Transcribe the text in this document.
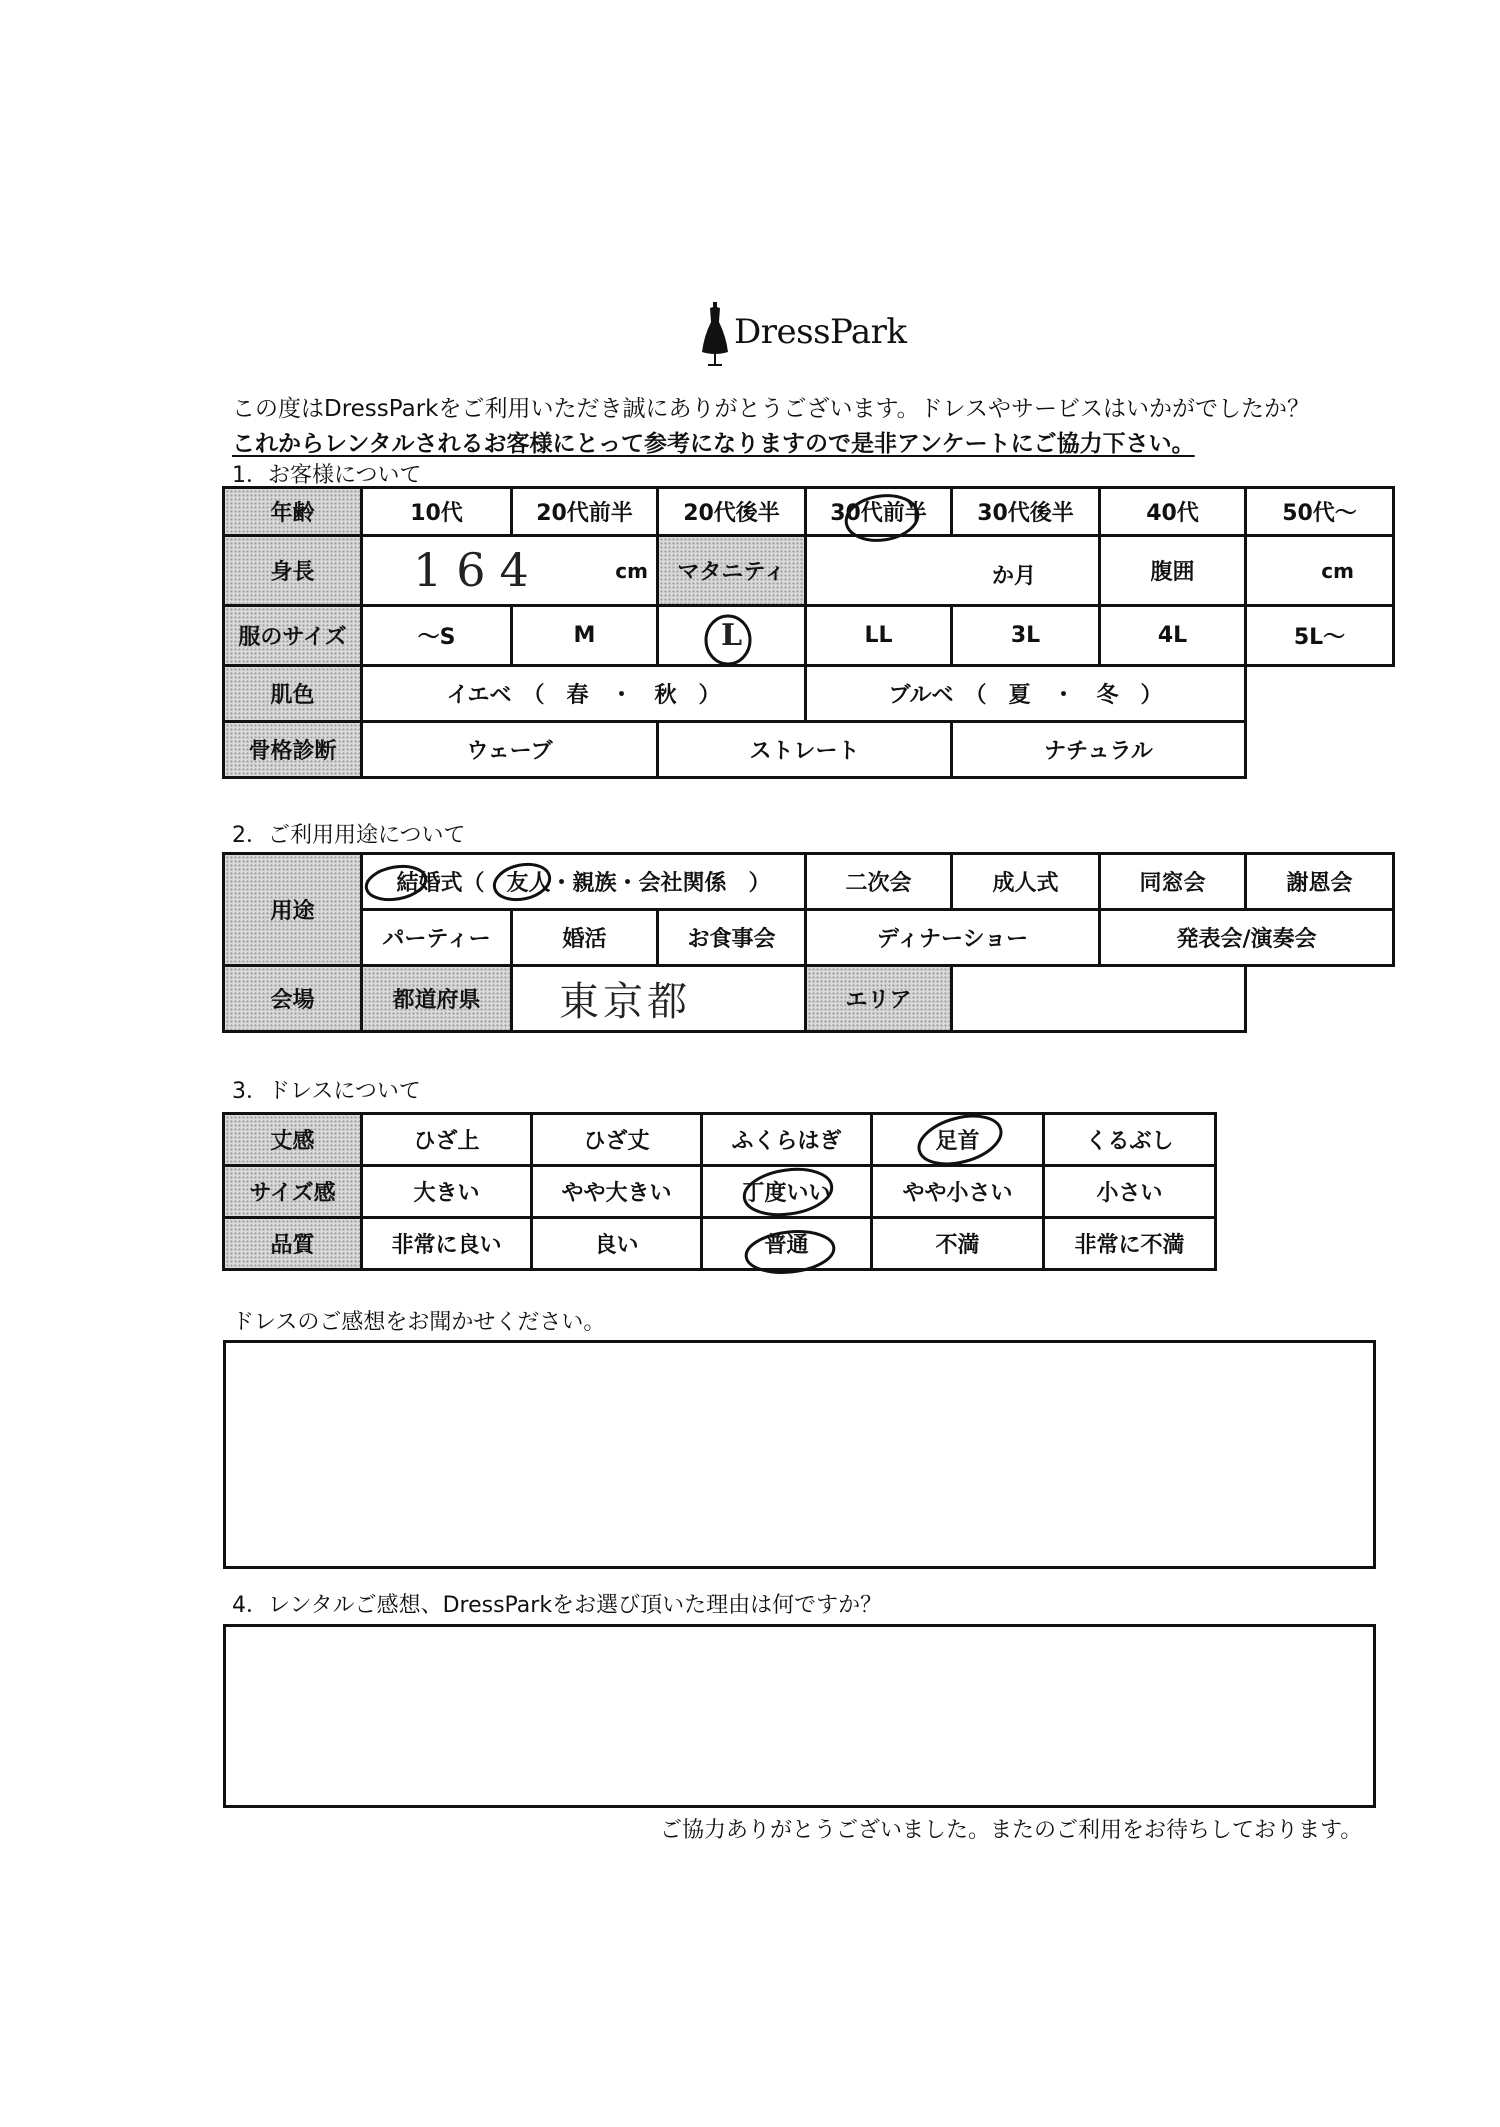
DressPark
この度はDressParkをご利用いただき誠にありがとうございます。ドレスやサービスはいかがでしたか？
これからレンタルされるお客様にとって参考になりますので是非アンケートにご協力下さい。
1．お客様について
年齢	10代	20代前半	20代後半	30代前半	30代後半	40代	50代～
身長	164 cm		マタニティ	か月		腹囲	cm

服のサイズ	～S	M	L	LL	3L	4L	5L～
肌色	イエベ　（　春　・　秋　）			ブルベ　（　夏　・　冬　）			
骨格診断	ウェーブ		ストレート		ナチュラル		
2．ご利用用途について
用途	結婚式（　友人・親族・会社関係　）			二次会	成人式	同窓会	謝恩会
	パーティー	婚活	お食事会	ディナーショー		発表会/演奏会	
会場	都道府県	東京都		エリア			
3．ドレスについて
丈感	ひざ上	ひざ丈	ふくらはぎ	足首	くるぶし
サイズ感	大きい	やや大きい	丁度いい	やや小さい	小さい
品質	非常に良い	良い	普通	不満	非常に不満
ドレスのご感想をお聞かせください。
4．レンタルご感想、DressParkをお選び頂いた理由は何ですか？
ご協力ありがとうございました。またのご利用をお待ちしております。
